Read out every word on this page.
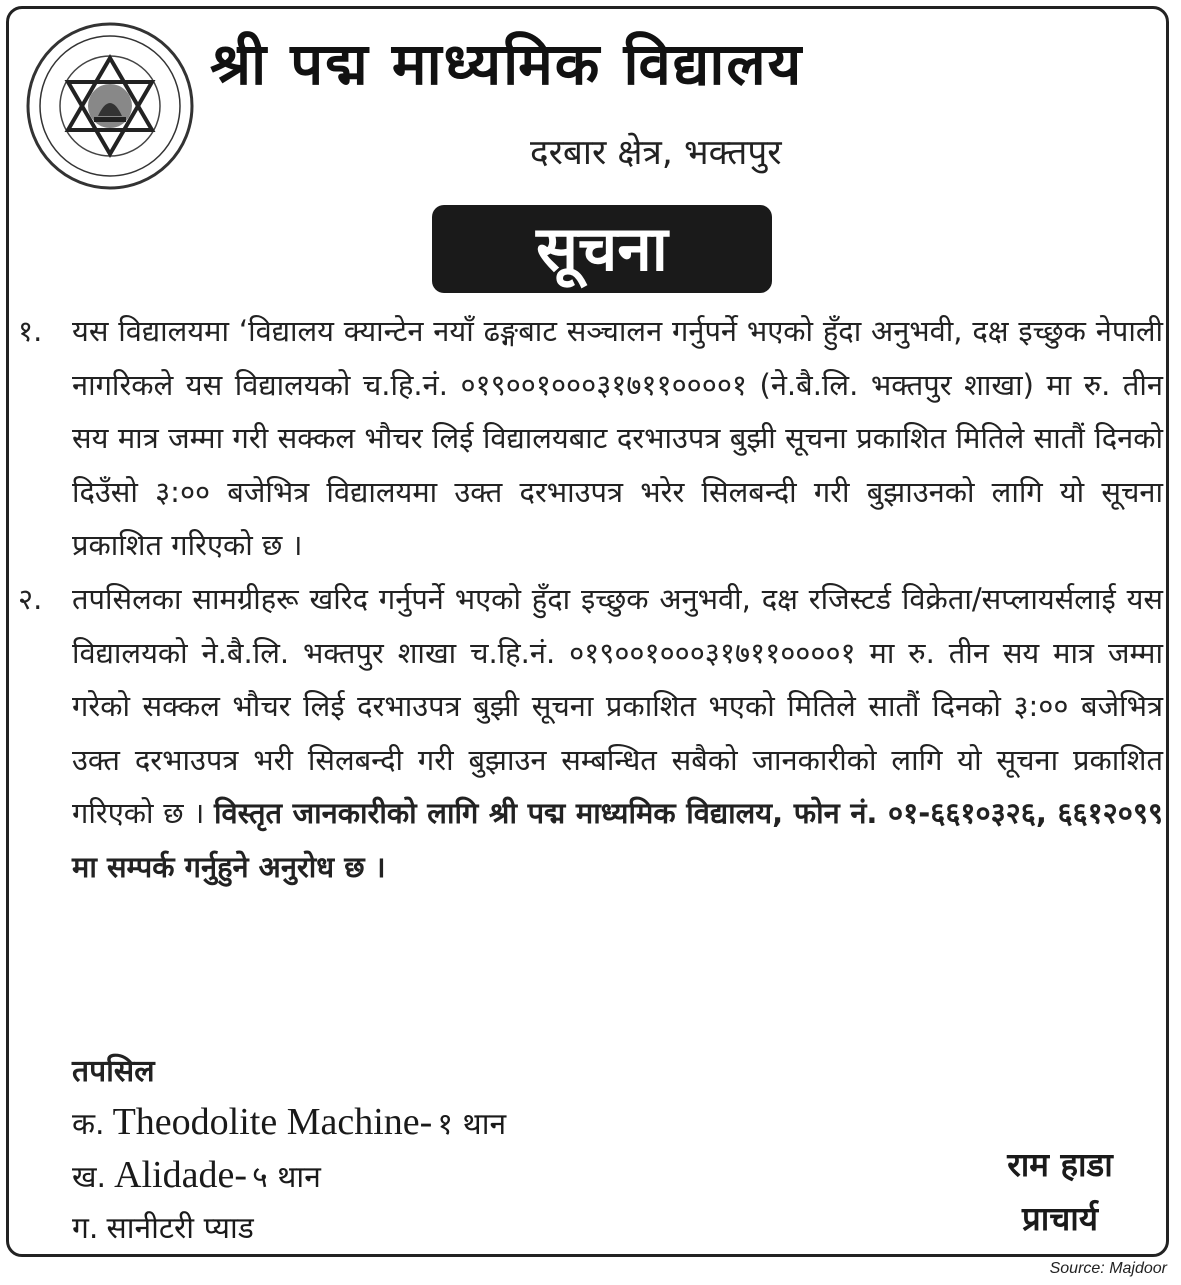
श्री पद्म माध्यमिक विद्यालय
दरबार क्षेत्र, भक्तपुर
सूचना
१.	यस विद्यालयमा ‘विद्यालय क्यान्टेन नयाँ ढङ्गबाट सञ्चालन गर्नुपर्ने भएको हुँदा अनुभवी, दक्ष इच्छुक नेपाली नागरिकले यस विद्यालयको च.हि.नं. ०१९००१०००३१७११००००१ (ने.बै.लि. भक्तपुर शाखा) मा रु. तीन सय मात्र जम्मा गरी सक्कल भौचर लिई विद्यालयबाट दरभाउपत्र बुझी सूचना प्रकाशित मितिले सातौं दिनको दिउँसो ३:०० बजेभित्र विद्यालयमा उक्त दरभाउपत्र भरेर सिलबन्दी गरी बुझाउनको लागि यो सूचना प्रकाशित गरिएको छ ।
२.	तपसिलका सामग्रीहरू खरिद गर्नुपर्ने भएको हुँदा इच्छुक अनुभवी, दक्ष रजिस्टर्ड विक्रेता/सप्लायर्सलाई यस विद्यालयको ने.बै.लि. भक्तपुर शाखा च.हि.नं. ०१९००१०००३१७११००००१ मा रु. तीन सय मात्र जम्मा गरेको सक्कल भौचर लिई दरभाउपत्र बुझी सूचना प्रकाशित भएको मितिले सातौं दिनको ३:०० बजेभित्र उक्त दरभाउपत्र भरी सिलबन्दी गरी बुझाउन सम्बन्धित सबैको जानकारीको लागि यो सूचना प्रकाशित गरिएको छ । विस्तृत जानकारीको लागि श्री पद्म माध्यमिक विद्यालय, फोन नं. ०१-६६१०३२६, ६६१२०९९ मा सम्पर्क गर्नुहुने अनुरोध छ ।
तपसिल
क. Theodolite Machine- १ थान
ख. Alidade- ५ थान
ग. सानीटरी प्याड
राम हाडा
प्राचार्य
Source: Majdoor
